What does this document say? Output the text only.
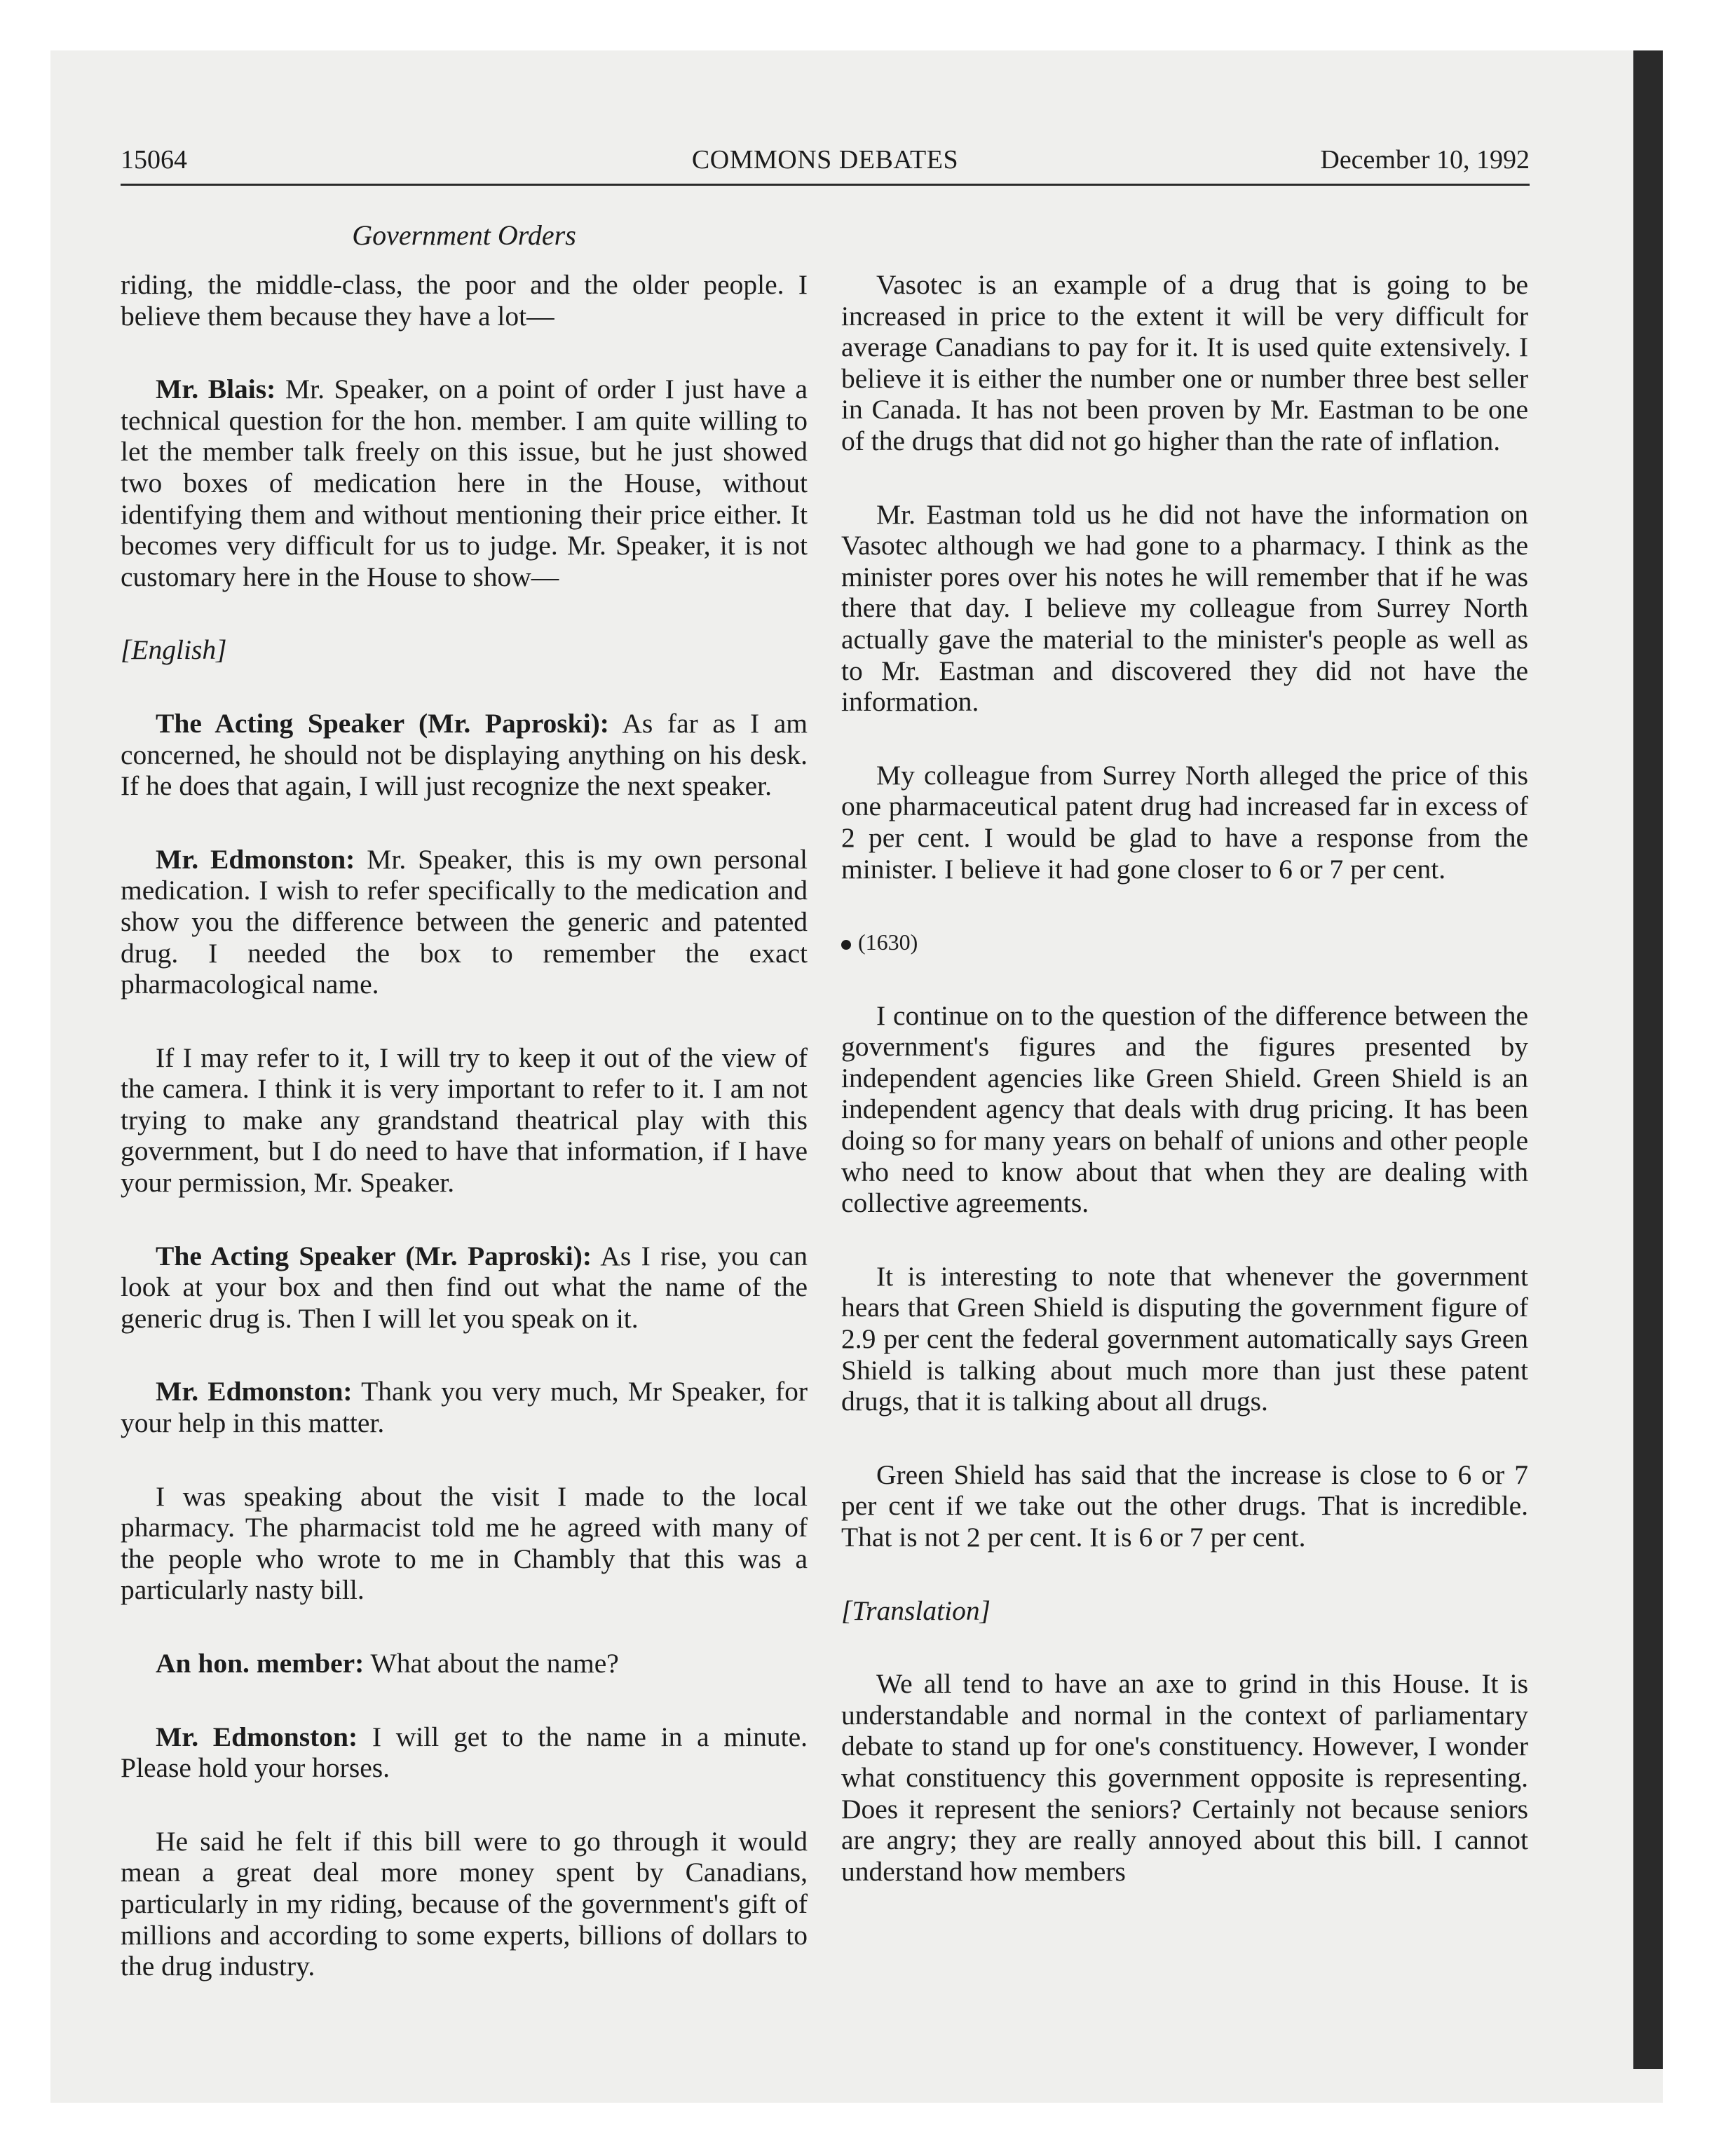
15064	COMMONS DEBATES	December 10, 1992
Government Orders

riding, the middle-class, the poor and the older people. I believe them because they have a lot—

Mr. Blais: Mr. Speaker, on a point of order I just have a technical question for the hon. member. I am quite willing to let the member talk freely on this issue, but he just showed two boxes of medication here in the House, without identifying them and without mentioning their price either. It becomes very difficult for us to judge. Mr. Speaker, it is not customary here in the House to show—

[English]

The Acting Speaker (Mr. Paproski): As far as I am concerned, he should not be displaying anything on his desk. If he does that again, I will just recognize the next speaker.

Mr. Edmonston: Mr. Speaker, this is my own personal medication. I wish to refer specifically to the medication and show you the difference between the generic and patented drug. I needed the box to remember the exact pharmacological name.

If I may refer to it, I will try to keep it out of the view of the camera. I think it is very important to refer to it. I am not trying to make any grandstand theatrical play with this government, but I do need to have that information, if I have your permission, Mr. Speaker.

The Acting Speaker (Mr. Paproski): As I rise, you can look at your box and then find out what the name of the generic drug is. Then I will let you speak on it.

Mr. Edmonston: Thank you very much, Mr Speaker, for your help in this matter.

I was speaking about the visit I made to the local pharmacy. The pharmacist told me he agreed with many of the people who wrote to me in Chambly that this was a particularly nasty bill.

An hon. member: What about the name?

Mr. Edmonston: I will get to the name in a minute. Please hold your horses.

He said he felt if this bill were to go through it would mean a great deal more money spent by Canadians, particularly in my riding, because of the government's gift of millions and according to some experts, billions of dollars to the drug industry.

Vasotec is an example of a drug that is going to be increased in price to the extent it will be very difficult for average Canadians to pay for it. It is used quite extensively. I believe it is either the number one or number three best seller in Canada. It has not been proven by Mr. Eastman to be one of the drugs that did not go higher than the rate of inflation.

Mr. Eastman told us he did not have the information on Vasotec although we had gone to a pharmacy. I think as the minister pores over his notes he will remember that if he was there that day. I believe my colleague from Surrey North actually gave the material to the minister's people as well as to Mr. Eastman and discovered they did not have the information.

My colleague from Surrey North alleged the price of this one pharmaceutical patent drug had increased far in excess of 2 per cent. I would be glad to have a response from the minister. I believe it had gone closer to 6 or 7 per cent.

(1630)

I continue on to the question of the difference between the government's figures and the figures presented by independent agencies like Green Shield. Green Shield is an independent agency that deals with drug pricing. It has been doing so for many years on behalf of unions and other people who need to know about that when they are dealing with collective agreements.

It is interesting to note that whenever the government hears that Green Shield is disputing the government figure of 2.9 per cent the federal government automatically says Green Shield is talking about much more than just these patent drugs, that it is talking about all drugs.

Green Shield has said that the increase is close to 6 or 7 per cent if we take out the other drugs. That is incredible. That is not 2 per cent. It is 6 or 7 per cent.

[Translation]

We all tend to have an axe to grind in this House. It is understandable and normal in the context of parliamentary debate to stand up for one's constituency. However, I wonder what constituency this government opposite is representing. Does it represent the seniors? Certainly not because seniors are angry; they are really annoyed about this bill. I cannot understand how members
